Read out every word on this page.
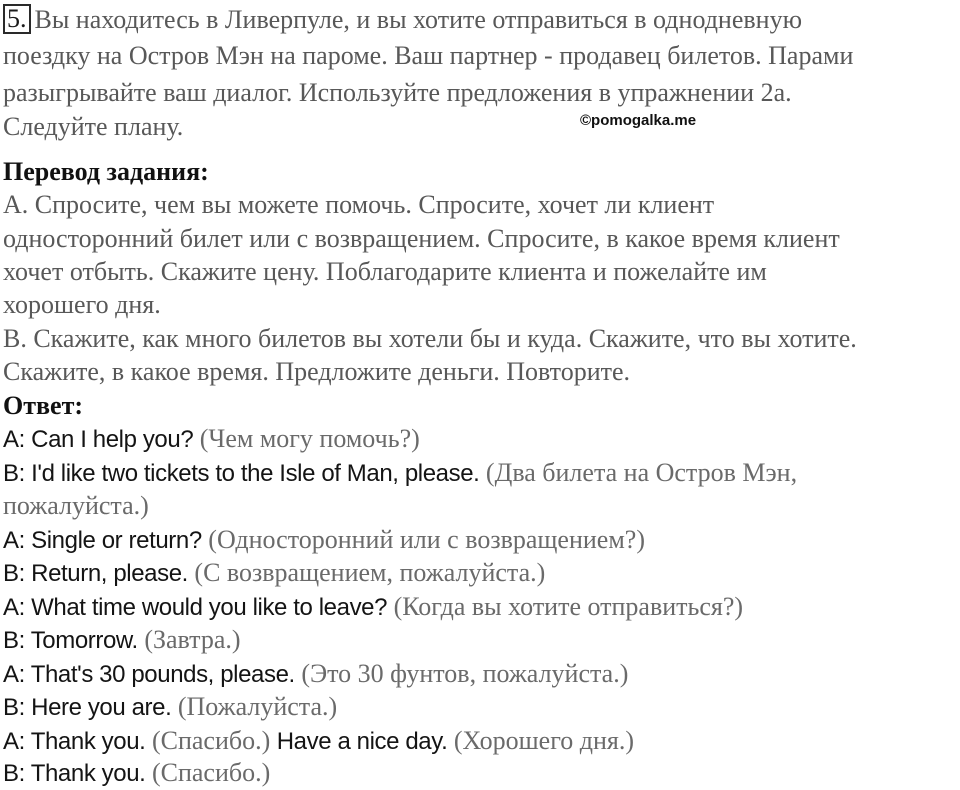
5. Вы находитесь в Ливерпуле, и вы хотите отправиться в однодневную
поездку на Остров Мэн на пароме. Ваш партнер - продавец билетов. Парами
разыгрывайте ваш диалог. Используйте предложения в упражнении 2а.
Следуйте плану.	©pomogalka.me
Перевод задания:
А. Спросите, чем вы можете помочь. Спросите, хочет ли клиент
односторонний билет или с возвращением. Спросите, в какое время клиент
хочет отбыть. Скажите цену. Поблагодарите клиента и пожелайте им
хорошего дня.
В. Скажите, как много билетов вы хотели бы и куда. Скажите, что вы хотите.
Скажите, в какое время. Предложите деньги. Повторите.
Ответ:
A: Can I help you? (Чем могу помочь?)
B: I'd like two tickets to the Isle of Man, please. (Два билета на Остров Мэн,
пожалуйста.)
A: Single or return? (Односторонний или с возвращением?)
B: Return, please. (С возвращением, пожалуйста.)
A: What time would you like to leave? (Когда вы хотите отправиться?)
B: Tomorrow. (Завтра.)
A: That's 30 pounds, please. (Это 30 фунтов, пожалуйста.)
B: Here you are. (Пожалуйста.)
A: Thank you. (Спасибо.) Have a nice day. (Хорошего дня.)
B: Thank you. (Спасибо.)
